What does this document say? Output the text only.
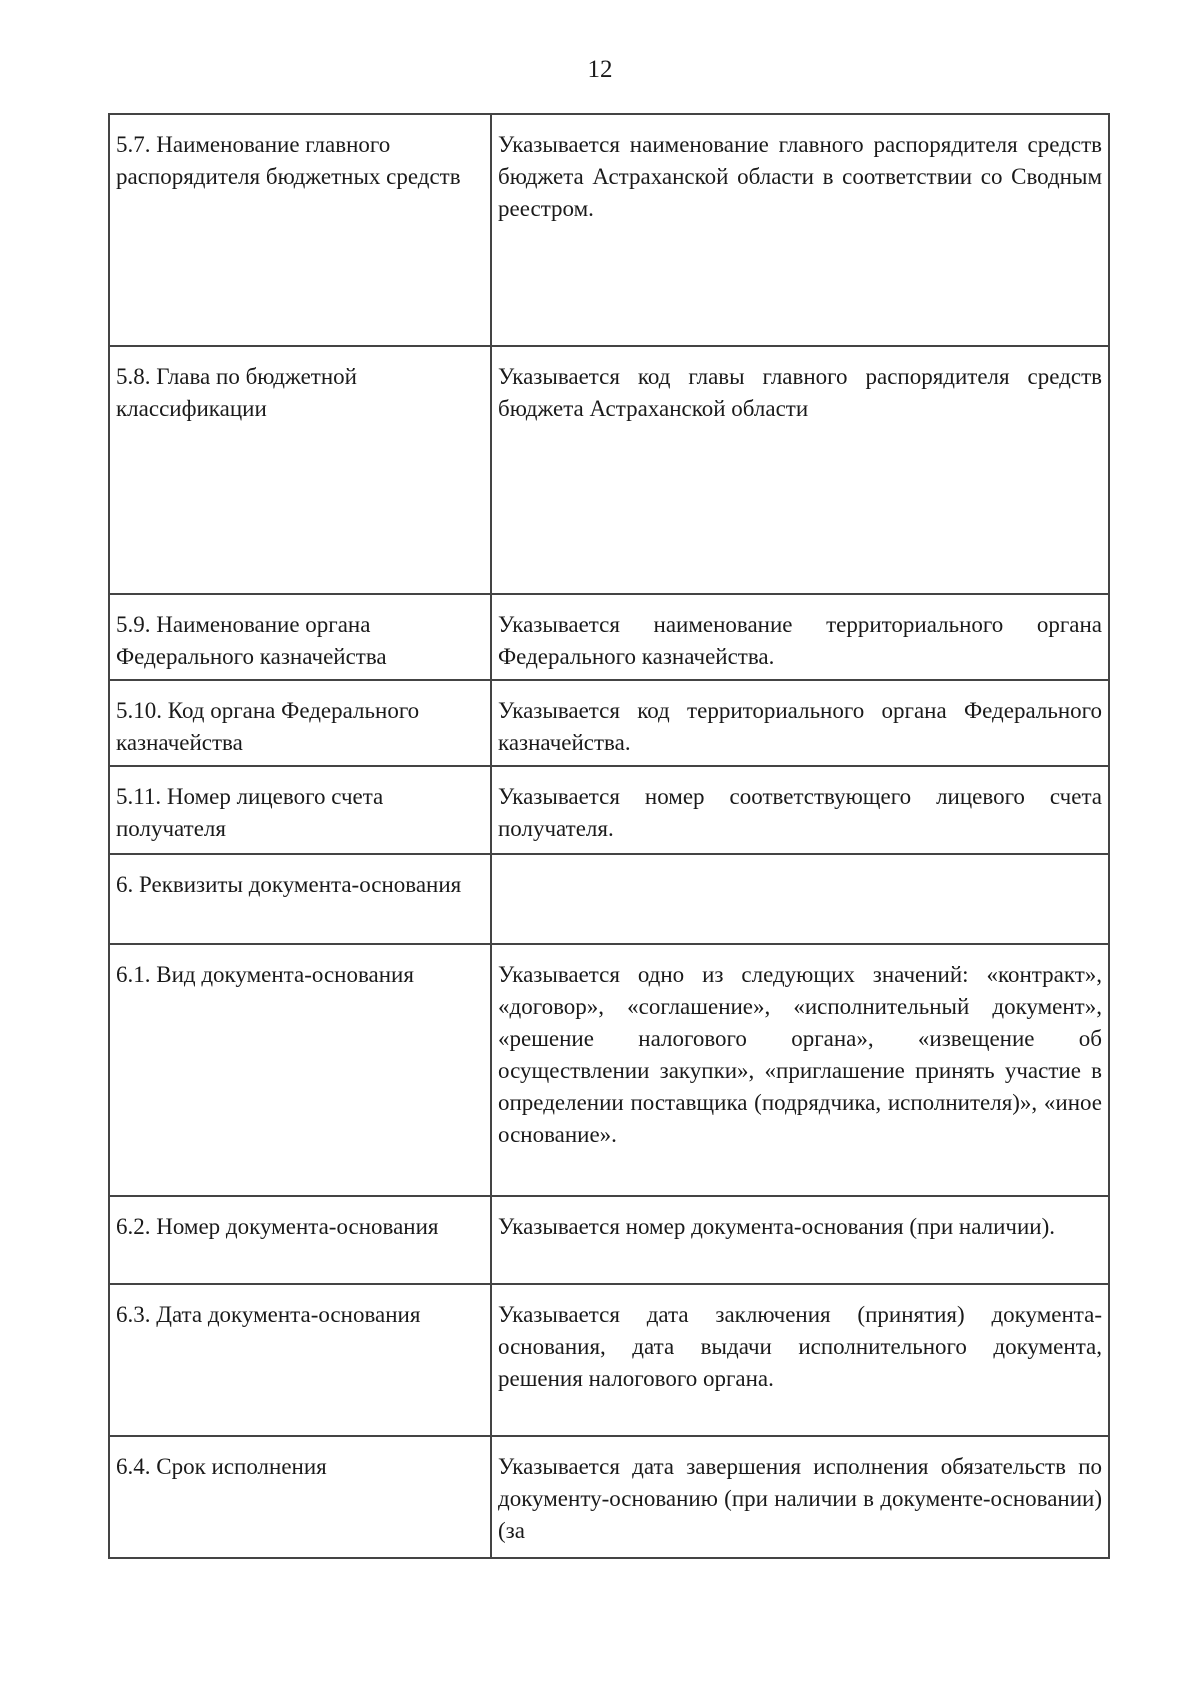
12
5.7. Наименование главного распорядителя бюджетных средств	Указывается наименование главного распорядителя средств бюджета Астраханской области в соответствии со Сводным реестром.
5.8. Глава по бюджетной классификации	Указывается код главы главного распорядителя средств бюджета Астраханской области
5.9. Наименование органа Федерального казначейства	Указывается наименование территориального органа Федерального казначейства.
5.10. Код органа Федерального казначейства	Указывается код территориального органа Федерального казначейства.
5.11. Номер лицевого счета получателя	Указывается номер соответствующего лицевого счета получателя.
6. Реквизиты документа-основания	
6.1. Вид документа-основания	Указывается одно из следующих значений: «контракт», «договор», «соглашение», «исполнительный документ», «решение налогового органа», «извещение об осуществлении закупки», «приглашение принять участие в определении поставщика (подрядчика, исполнителя)», «иное основание».
6.2. Номер документа-основания	Указывается номер документа-основания (при наличии).
6.3. Дата документа-основания	Указывается дата заключения (принятия) документа-основания, дата выдачи исполнительного документа, решения налогового органа.
6.4. Срок исполнения	Указывается дата завершения исполнения обязательств по документу-основанию (при наличии в документе-основании) (за
